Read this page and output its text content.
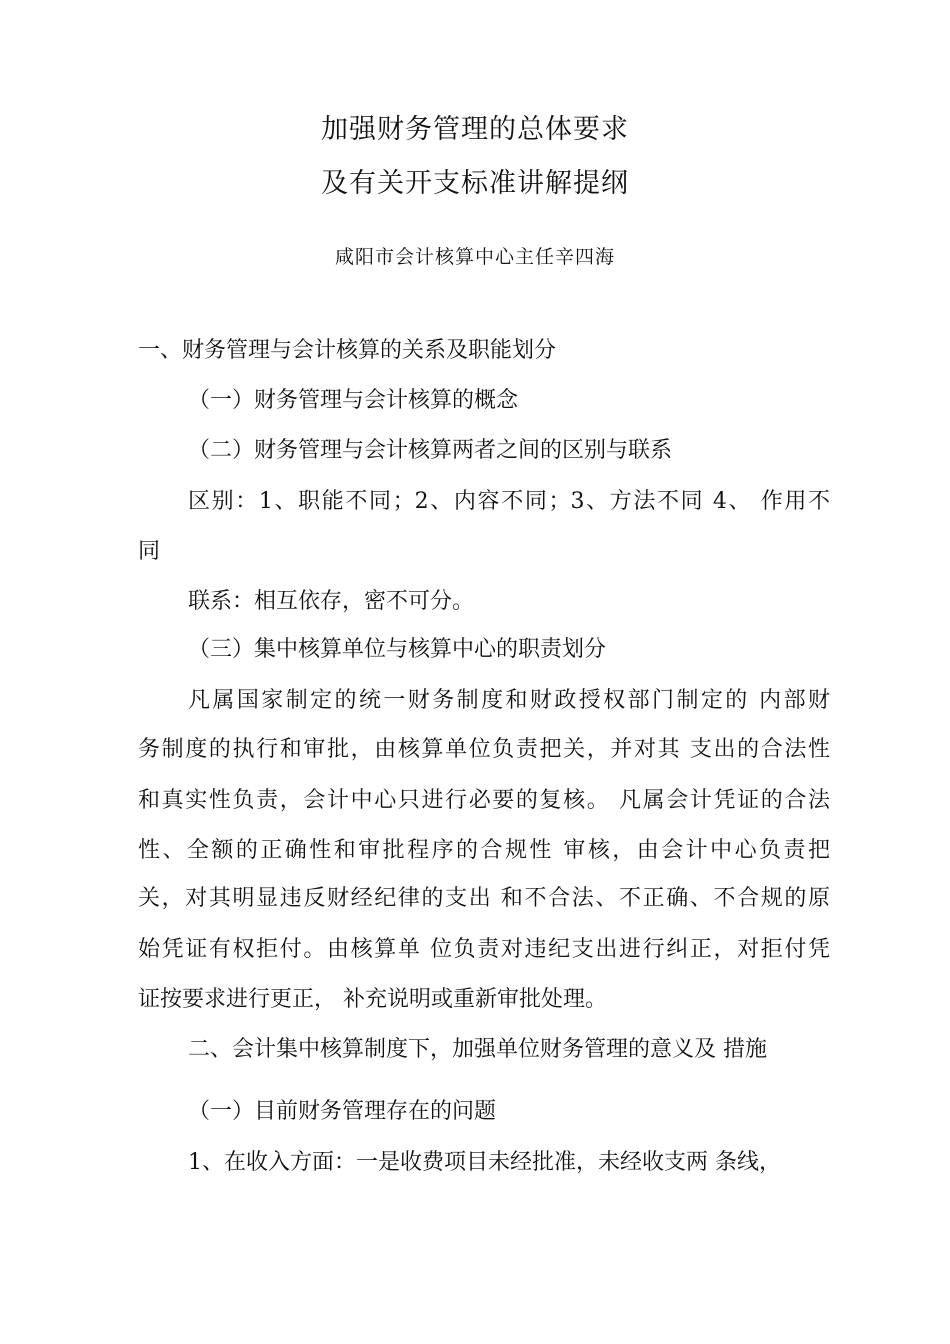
加强财务管理的总体要求
及有关开支标准讲解提纲
咸阳市会计核算中心主任辛四海
一、财务管理与会计核算的关系及职能划分
（一）财务管理与会计核算的概念
（二）财务管理与会计核算两者之间的区别与联系
区别：1、职能不同；2、内容不同；3、方法不同 4、 作用不
同
联系：相互依存，密不可分。
（三）集中核算单位与核算中心的职责划分
凡属国家制定的统一财务制度和财政授权部门制定的 内部财
务制度的执行和审批，由核算单位负责把关，并对其 支出的合法性
和真实性负责，会计中心只进行必要的复核。 凡属会计凭证的合法
性、全额的正确性和审批程序的合规性 审核，由会计中心负责把
关，对其明显违反财经纪律的支出 和不合法、不正确、不合规的原
始凭证有权拒付。由核算单 位负责对违纪支出进行纠正，对拒付凭
证按要求进行更正， 补充说明或重新审批处理。
二、会计集中核算制度下，加强单位财务管理的意义及 措施
（一）目前财务管理存在的问题
1、在收入方面：一是收费项目未经批准，未经收支两 条线，
